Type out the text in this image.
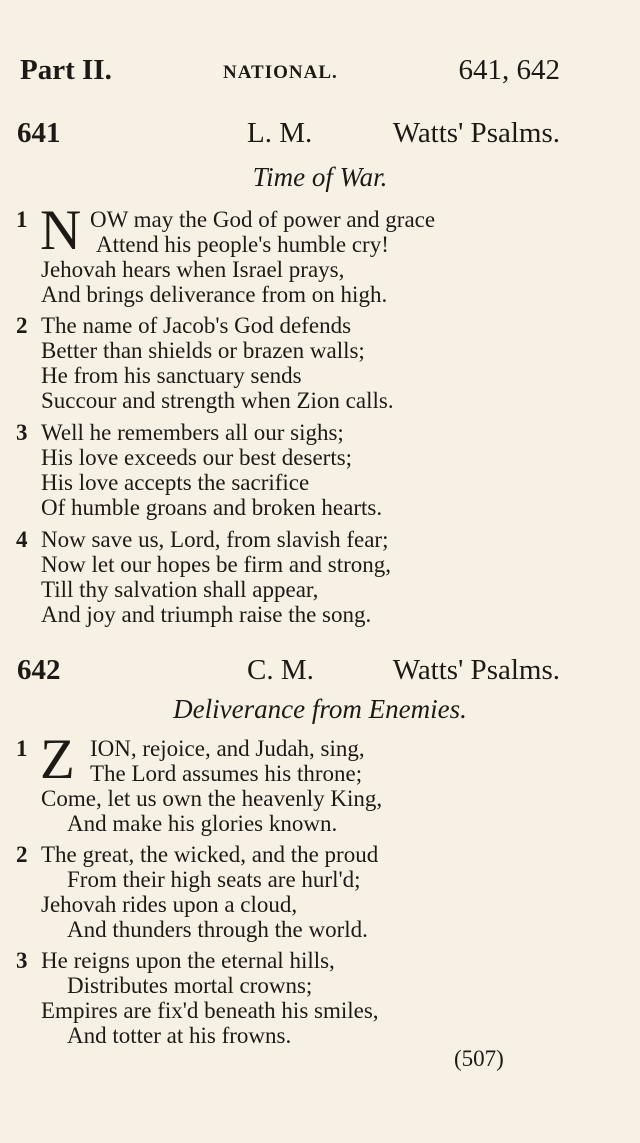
Part II.	NATIONAL.	641, 642
641	L. M.	Watts' Psalms.
Time of War.
1 N OW may the God of power and grace
Attend his people's humble cry!
Jehovah hears when Israel prays,
And brings deliverance from on high.
2 The name of Jacob's God defends
Better than shields or brazen walls;
He from his sanctuary sends
Succour and strength when Zion calls.
3 Well he remembers all our sighs;
His love exceeds our best deserts;
His love accepts the sacrifice
Of humble groans and broken hearts.
4 Now save us, Lord, from slavish fear;
Now let our hopes be firm and strong,
Till thy salvation shall appear,
And joy and triumph raise the song.
642	C. M.	Watts' Psalms.
Deliverance from Enemies.
1 Z ION, rejoice, and Judah, sing,
The Lord assumes his throne;
Come, let us own the heavenly King,
And make his glories known.
2 The great, the wicked, and the proud
From their high seats are hurl'd;
Jehovah rides upon a cloud,
And thunders through the world.
3 He reigns upon the eternal hills,
Distributes mortal crowns;
Empires are fix'd beneath his smiles,
And totter at his frowns.
(507)
